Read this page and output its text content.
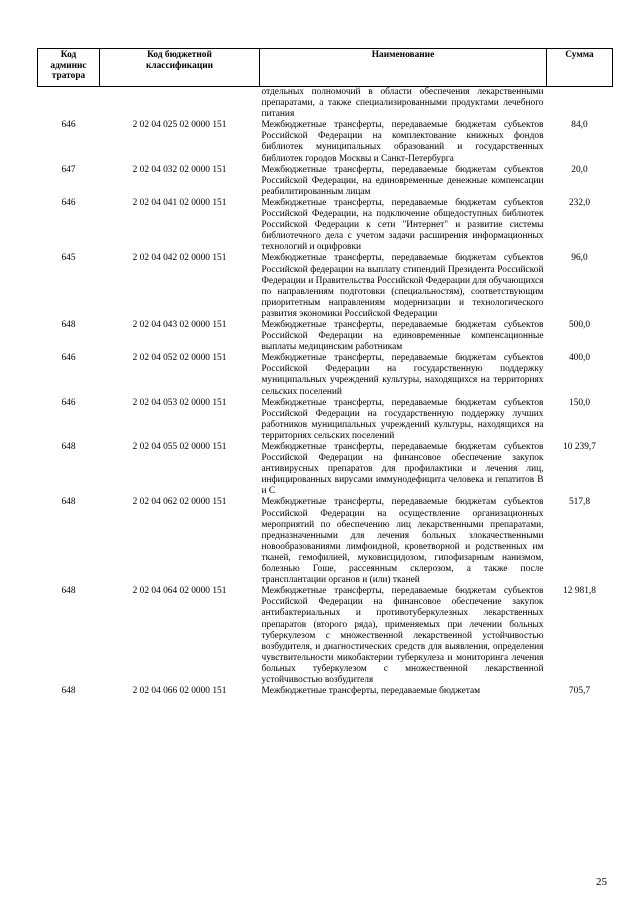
Код
админис
тратора	Код бюджетной
классификации	Наименование	Сумма
		отдельных полномочий в области обеспечения лекарственными препаратами, а также специализированными продуктами лечебного питания	
646	2 02 04 025 02 0000 151	Межбюджетные трансферты, передаваемые бюджетам субъектов Российской Федерации на комплектование книжных фондов библиотек муниципальных образований и государственных библиотек городов Москвы и Санкт-Петербурга	84,0
647	2 02 04 032 02 0000 151	Межбюджетные трансферты, передаваемые бюджетам субъектов Российской Федерации, на единовременные денежные компенсации реабилитированным лицам	20,0
646	2 02 04 041 02 0000 151	Межбюджетные трансферты, передаваемые бюджетам субъектов Российской Федерации, на подключение общедоступных библиотек Российской Федерации к сети "Интернет" и развитие системы библиотечного дела с учетом задачи расширения информационных технологий и оцифровки	232,0
645	2 02 04 042 02 0000 151	Межбюджетные трансферты, передаваемые бюджетам субъектов Российской федерации на выплату стипендий Президента Российской Федерации и Правительства Российской Федерации для обучающихся по направлениям подготовки (специальностям), соответствующим приоритетным направлениям модернизации и технологического развития экономики Российской Федерации	96,0
648	2 02 04 043 02 0000 151	Межбюджетные трансферты, передаваемые бюджетам субъектов Российской Федерации на единовременные компенсационные выплаты медицинским работникам	500,0
646	2 02 04 052 02 0000 151	Межбюджетные трансферты, передаваемые бюджетам субъектов Российской Федерации на государственную поддержку муниципальных учреждений культуры, находящихся на территориях сельских поселений	400,0
646	2 02 04 053 02 0000 151	Межбюджетные трансферты, передаваемые бюджетам субъектов Российской Федерации на государственную поддержку лучших работников муниципальных учреждений культуры, находящихся на территориях сельских поселений	150,0
648	2 02 04 055 02 0000 151	Межбюджетные трансферты, передаваемые бюджетам субъектов Российской Федерации на финансовое обеспечение закупок антивирусных препаратов для профилактики и лечения лиц, инфицированных вирусами иммунодефицита человека и гепатитов B и C	10 239,7
648	2 02 04 062 02 0000 151	Межбюджетные трансферты, передаваемые бюджетам субъектов Российской Федерации на осуществление организационных мероприятий по обеспечению лиц лекарственными препаратами, предназначенными для лечения больных злокачественными новообразованиями лимфоидной, кроветворной и родственных им тканей, гемофилией, муковисцидозом, гипофизарным нанизмом, болезнью Гоше, рассеянным склерозом, а также после трансплантации органов и (или) тканей	517,8
648	2 02 04 064 02 0000 151	Межбюджетные трансферты, передаваемые бюджетам субъектов Российской Федерации на финансовое обеспечение закупок антибактериальных и противотуберкулезных лекарственных препаратов (второго ряда), применяемых при лечении больных туберкулезом с множественной лекарственной устойчивостью возбудителя, и диагностических средств для выявления, определения чувствительности микобактерии туберкулеза и мониторинга лечения больных туберкулезом с множественной лекарственной устойчивостью возбудителя	12 981,8
648	2 02 04 066 02 0000 151	Межбюджетные трансферты, передаваемые бюджетам	705,7
25
